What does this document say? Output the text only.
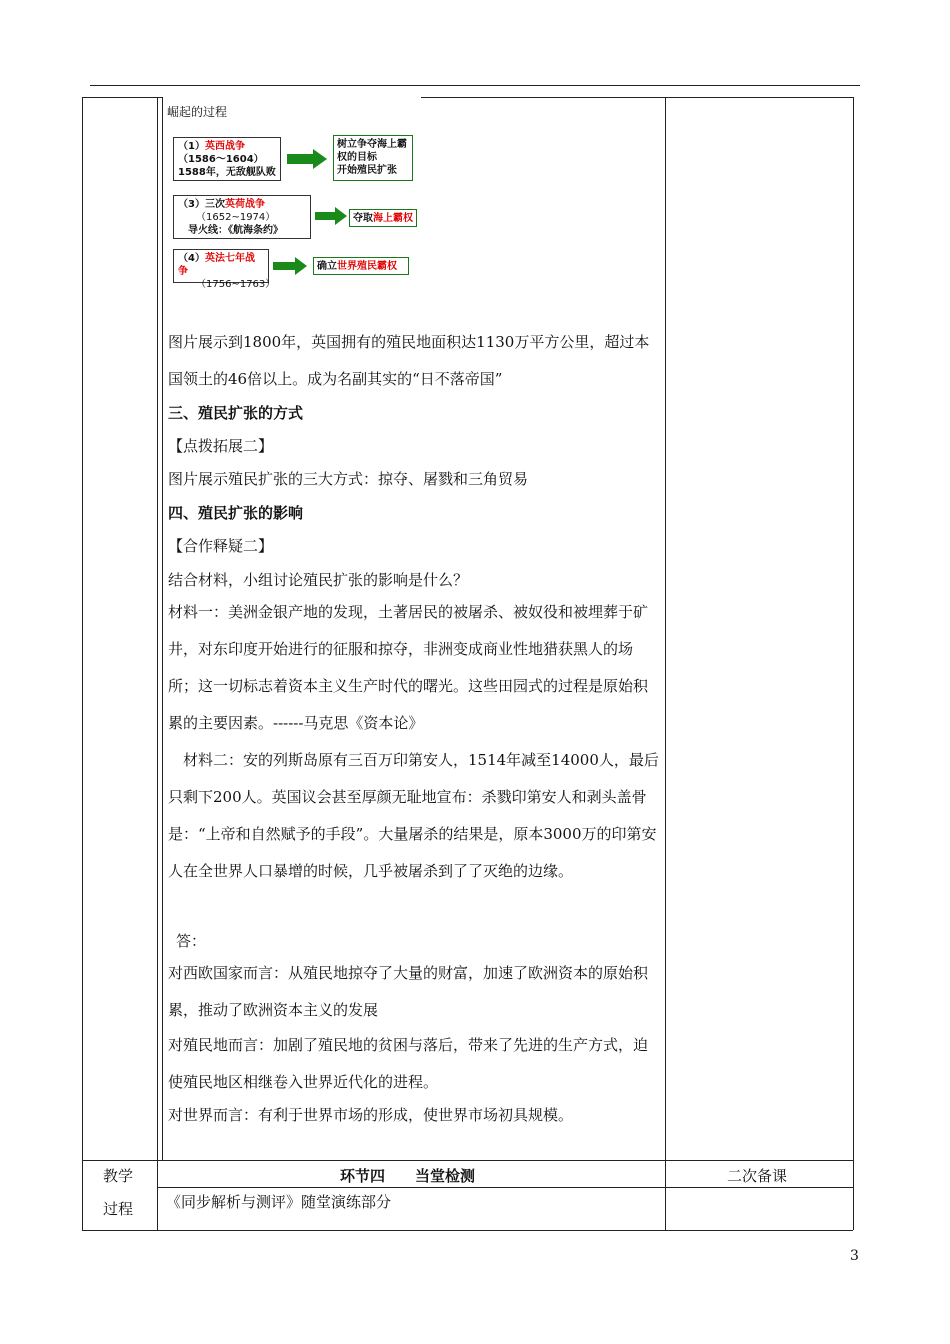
崛起的过程
（1）英西战争
（1586～1604）
1588年，无敌舰队败
树立争夺海上霸
权的目标
开始殖民扩张
（3）三次英荷战争
（1652~1974）
导火线：《航海条约》
夺取海上霸权
（4）英法七年战争
（1756~1763）
确立世界殖民霸权

图片展示到1800年，英国拥有的殖民地面积达1130万平方公里，超过本国领土的46倍以上。成为名副其实的“日不落帝国”

三、殖民扩张的方式

【点拨拓展二】

图片展示殖民扩张的三大方式：掠夺、屠戮和三角贸易

四、殖民扩张的影响

【合作释疑二】

结合材料，小组讨论殖民扩张的影响是什么？

材料一：美洲金银产地的发现，土著居民的被屠杀、被奴役和被埋葬于矿井，对东印度开始进行的征服和掠夺，非洲变成商业性地猎获黑人的场所；这一切标志着资本主义生产时代的曙光。这些田园式的过程是原始积累的主要因素。------马克思《资本论》

材料二：安的列斯岛原有三百万印第安人，1514年减至14000人，最后只剩下200人。英国议会甚至厚颜无耻地宣布：杀戮印第安人和剥头盖骨是：“上帝和自然赋予的手段”。大量屠杀的结果是，原本3000万的印第安人在全世界人口暴增的时候，几乎被屠杀到了了灭绝的边缘。

答：

对西欧国家而言：从殖民地掠夺了大量的财富，加速了欧洲资本的原始积累，推动了欧洲资本主义的发展

对殖民地而言：加剧了殖民地的贫困与落后，带来了先进的生产方式，迫使殖民地区相继卷入世界近代化的进程。

对世界而言：有利于世界市场的形成，使世界市场初具规模。

教学
过程
环节四　　当堂检测	二次备课
《同步解析与测评》随堂演练部分
3
